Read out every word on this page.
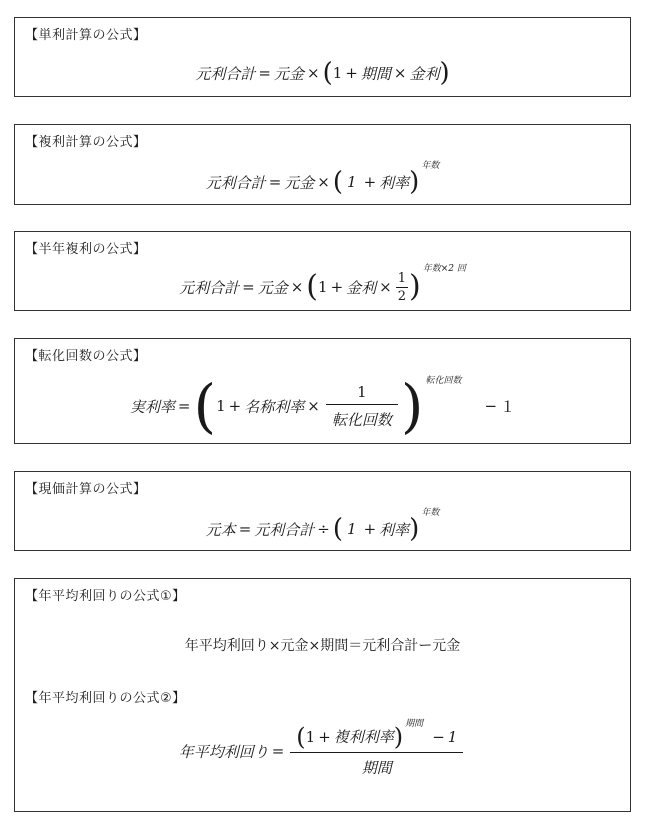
【単利計算の公式】
元利合計 = 元金 × ( 1 + 期間 × 金利 )
【複利計算の公式】
元利合計 = 元金 × ( 1 + 利率 )
年数
【半年複利の公式】
元利合計 = 元金 × ( 1 + 金利 × $\frac{1}{2}$ )
年数×2 回
【転化回数の公式】
実利率 = ( 1 + 名称利率 × $\frac{1}{\text{転化回数}}$ ) 転化回数
− １
【現価計算の公式】
元本 = 元利合計 ÷ ( 1 + 利率 )
年数
【年平均利回りの公式①】
年平均利回り×元金×期間＝元利合計ー元金
【年平均利回りの公式②】
年平均利回り =
( 1 + 複利利率 ) 期間
− 1
期間
